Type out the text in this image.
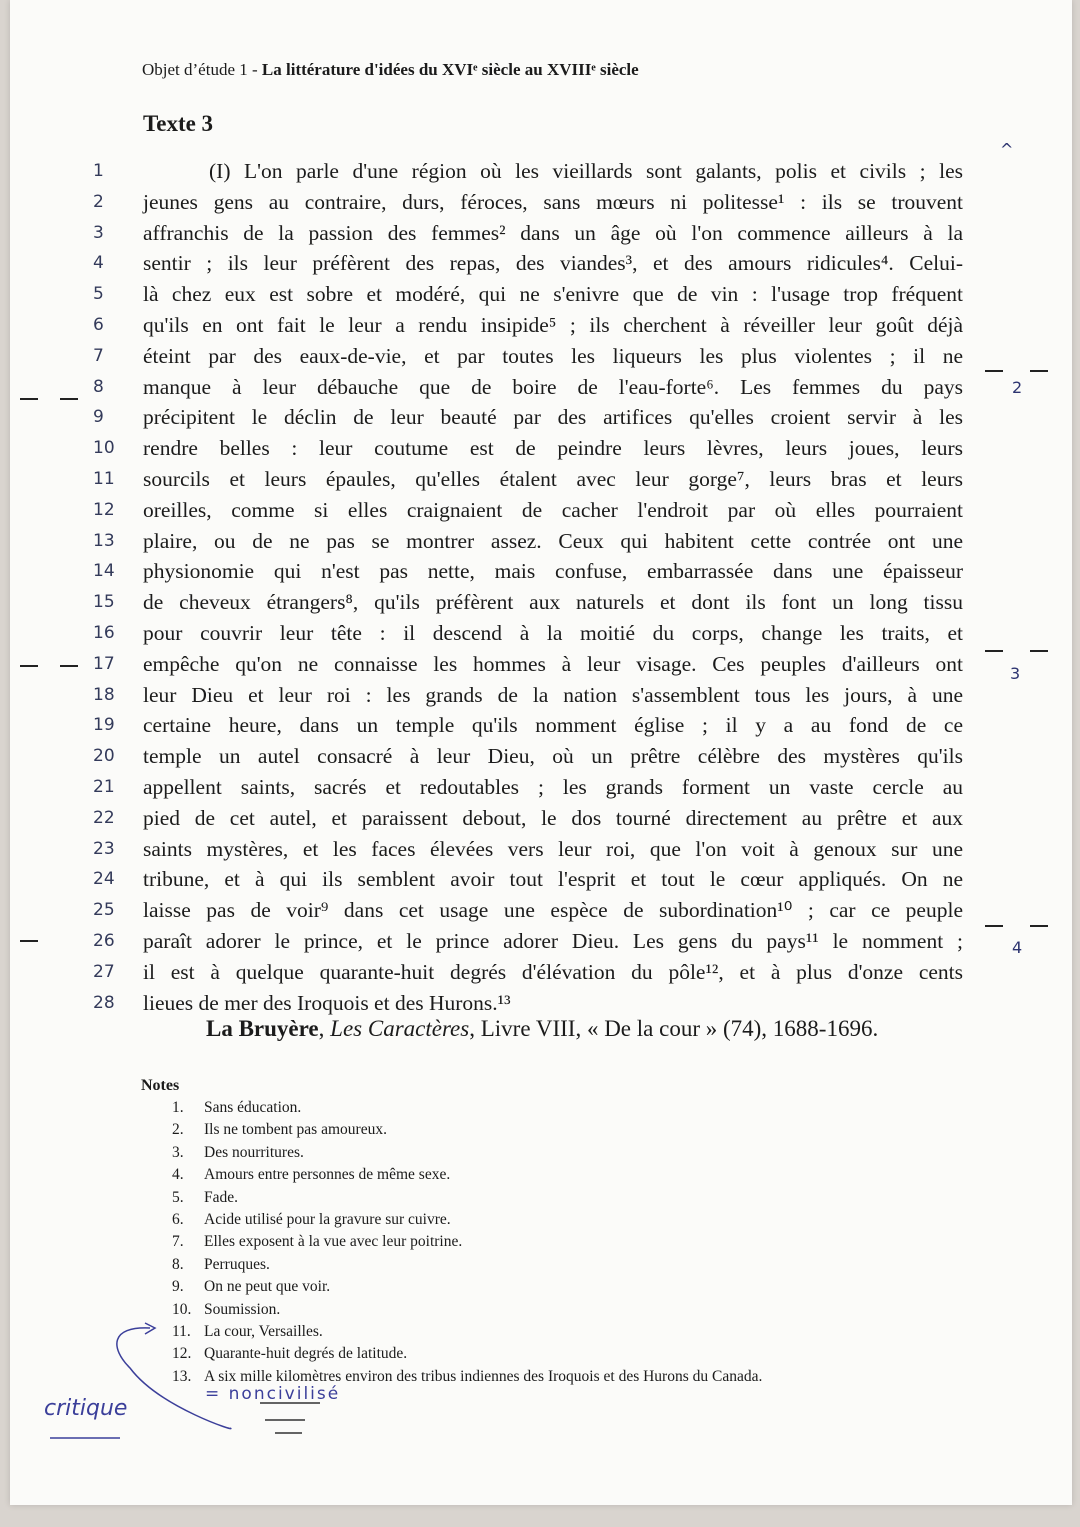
Objet d’étude 1 - La littérature d'idées du XVIᵉ siècle au XVIIIᵉ siècle
Texte 3
1	(I) L'on parle d'une région où les vieillards sont galants, polis et civils ; les
2	jeunes gens au contraire, durs, féroces, sans mœurs ni politesse¹ : ils se trouvent
3	affranchis de la passion des femmes² dans un âge où l'on commence ailleurs à la
4	sentir ; ils leur préfèrent des repas, des viandes³, et des amours ridicules⁴. Celui-
5	là chez eux est sobre et modéré, qui ne s'enivre que de vin : l'usage trop fréquent
6	qu'ils en ont fait le leur a rendu insipide⁵ ; ils cherchent à réveiller leur goût déjà
7	éteint par des eaux-de-vie, et par toutes les liqueurs les plus violentes ; il ne
8	manque à leur débauche que de boire de l'eau-forte⁶. Les femmes du pays
9	précipitent le déclin de leur beauté par des artifices qu'elles croient servir à les
10 rendre belles : leur coutume est de peindre leurs lèvres, leurs joues, leurs
11 sourcils et leurs épaules, qu'elles étalent avec leur gorge⁷, leurs bras et leurs
12 oreilles, comme si elles craignaient de cacher l'endroit par où elles pourraient
13 plaire, ou de ne pas se montrer assez. Ceux qui habitent cette contrée ont une
14 physionomie qui n'est pas nette, mais confuse, embarrassée dans une épaisseur
15 de cheveux étrangers⁸, qu'ils préfèrent aux naturels et dont ils font un long tissu
16 pour couvrir leur tête : il descend à la moitié du corps, change les traits, et
17 empêche qu'on ne connaisse les hommes à leur visage. Ces peuples d'ailleurs ont
18 leur Dieu et leur roi : les grands de la nation s'assemblent tous les jours, à une
19 certaine heure, dans un temple qu'ils nomment église ; il y a au fond de ce
20 temple un autel consacré à leur Dieu, où un prêtre célèbre des mystères qu'ils
21 appellent saints, sacrés et redoutables ; les grands forment un vaste cercle au
22 pied de cet autel, et paraissent debout, le dos tourné directement au prêtre et aux
23 saints mystères, et les faces élevées vers leur roi, que l'on voit à genoux sur une
24 tribune, et à qui ils semblent avoir tout l'esprit et tout le cœur appliqués. On ne
25 laisse pas de voir⁹ dans cet usage une espèce de subordination¹⁰ ; car ce peuple
26 paraît adorer le prince, et le prince adorer Dieu. Les gens du pays¹¹ le nomment ;
27 il est à quelque quarante-huit degrés d'élévation du pôle¹², et à plus d'onze cents
28 lieues de mer des Iroquois et des Hurons.¹³
La Bruyère, Les Caractères, Livre VIII, « De la cour » (74), 1688-1696.
Notes
1. Sans éducation.
2. Ils ne tombent pas amoureux.
3. Des nourritures.
4. Amours entre personnes de même sexe.
5. Fade.
6. Acide utilisé pour la gravure sur cuivre.
7. Elles exposent à la vue avec leur poitrine.
8. Perruques.
9. On ne peut que voir.
10. Soumission.
11. La cour, Versailles.
12. Quarante-huit degrés de latitude.
13. A six mille kilomètres environ des tribus indiennes des Iroquois et des Hurons du Canada.
^
2
3
4
critique
= noncivilisé
